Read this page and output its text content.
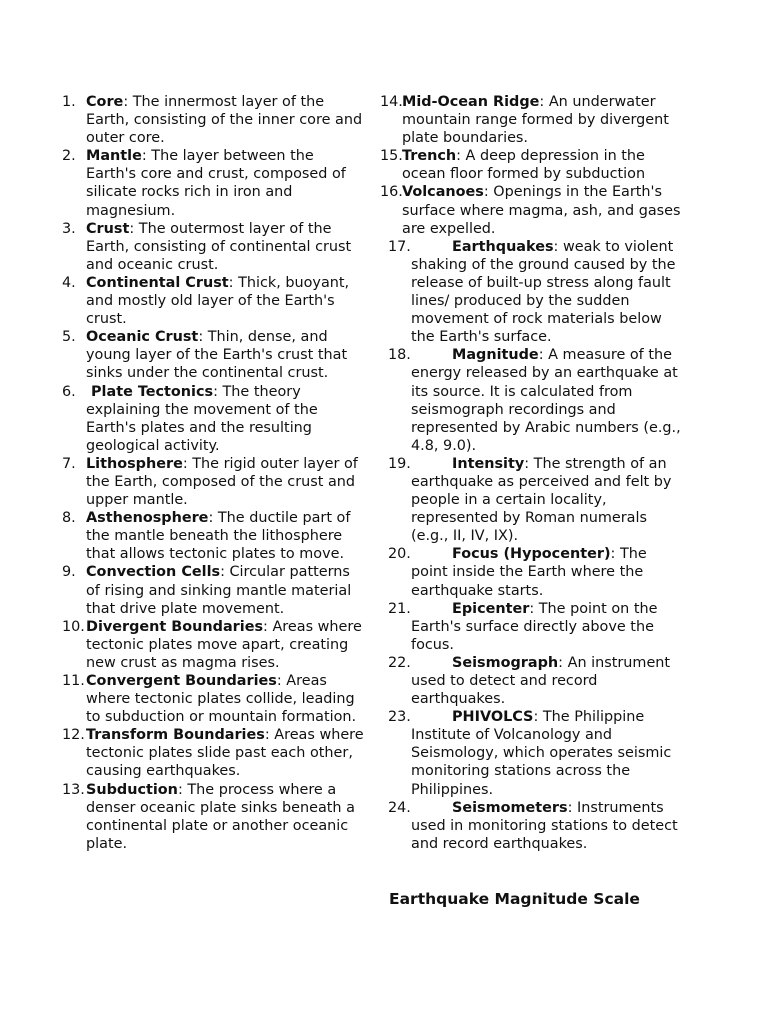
1. Core: The innermost layer of the Earth, consisting of the inner core and outer core.
2. Mantle: The layer between the Earth's core and crust, composed of silicate rocks rich in iron and magnesium.
3. Crust: The outermost layer of the Earth, consisting of continental crust and oceanic crust.
4. Continental Crust: Thick, buoyant, and mostly old layer of the Earth's crust.
5. Oceanic Crust: Thin, dense, and young layer of the Earth's crust that sinks under the continental crust.
6. Plate Tectonics: The theory explaining the movement of the Earth's plates and the resulting geological activity.
7. Lithosphere: The rigid outer layer of the Earth, composed of the crust and upper mantle.
8. Asthenosphere: The ductile part of the mantle beneath the lithosphere that allows tectonic plates to move.
9. Convection Cells: Circular patterns of rising and sinking mantle material that drive plate movement.
10. Divergent Boundaries: Areas where tectonic plates move apart, creating new crust as magma rises.
11. Convergent Boundaries: Areas where tectonic plates collide, leading to subduction or mountain formation.
12. Transform Boundaries: Areas where tectonic plates slide past each other, causing earthquakes.
13. Subduction: The process where a denser oceanic plate sinks beneath a continental plate or another oceanic plate.
14. Mid-Ocean Ridge: An underwater mountain range formed by divergent plate boundaries.
15. Trench: A deep depression in the ocean floor formed by subduction
16. Volcanoes: Openings in the Earth's surface where magma, ash, and gases are expelled.
17.	Earthquakes: weak to violent shaking of the ground caused by the release of built-up stress along fault lines/ produced by the sudden movement of rock materials below the Earth's surface.
18.	Magnitude: A measure of the energy released by an earthquake at its source. It is calculated from seismograph recordings and represented by Arabic numbers (e.g., 4.8, 9.0).
19.	Intensity: The strength of an earthquake as perceived and felt by people in a certain locality, represented by Roman numerals (e.g., II, IV, IX).
20.	Focus (Hypocenter): The point inside the Earth where the earthquake starts.
21.	Epicenter: The point on the Earth's surface directly above the focus.
22.	Seismograph: An instrument used to detect and record earthquakes.
23.	PHIVOLCS: The Philippine Institute of Volcanology and Seismology, which operates seismic monitoring stations across the Philippines.
24.	Seismometers: Instruments used in monitoring stations to detect and record earthquakes.
Earthquake Magnitude Scale
